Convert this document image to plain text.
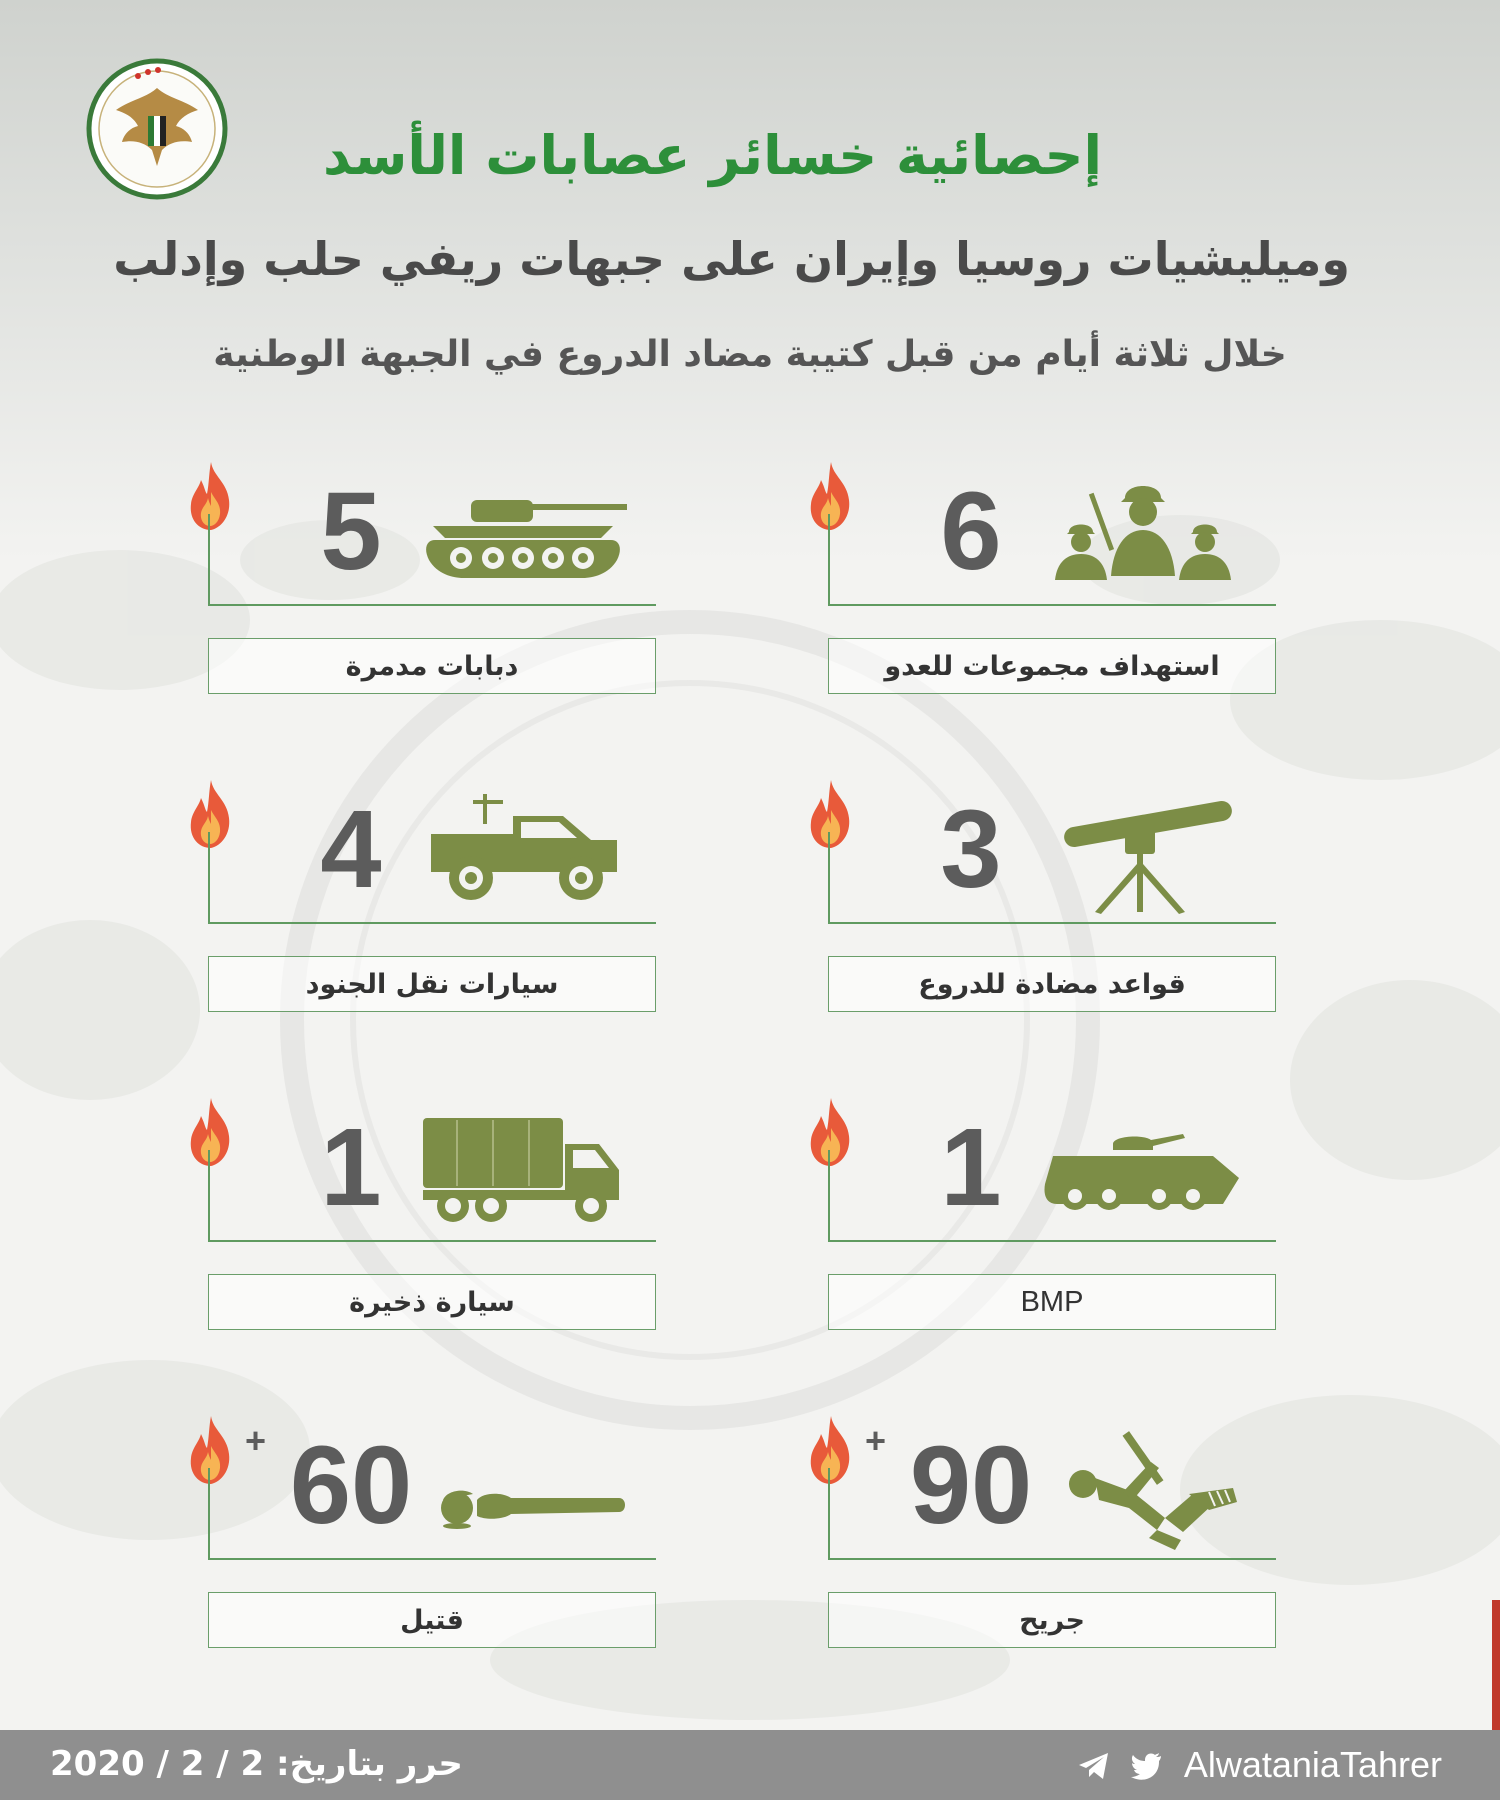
إحصائية خسائر عصابات الأسد
وميليشيات روسيا وإيران على جبهات ريفي حلب وإدلب
خلال ثلاثة أيام من قبل كتيبة مضاد الدروع في الجبهة الوطنية
5
دبابات مدمرة
6
استهداف مجموعات للعدو
4
سيارات نقل الجنود
3
قواعد مضادة للدروع
1
سيارة ذخيرة
1
BMP
+ 60
قتيل
+ 90
جريح
حرر بتاريخ: 2 / 2 / 2020	AlwataniaTahrer
